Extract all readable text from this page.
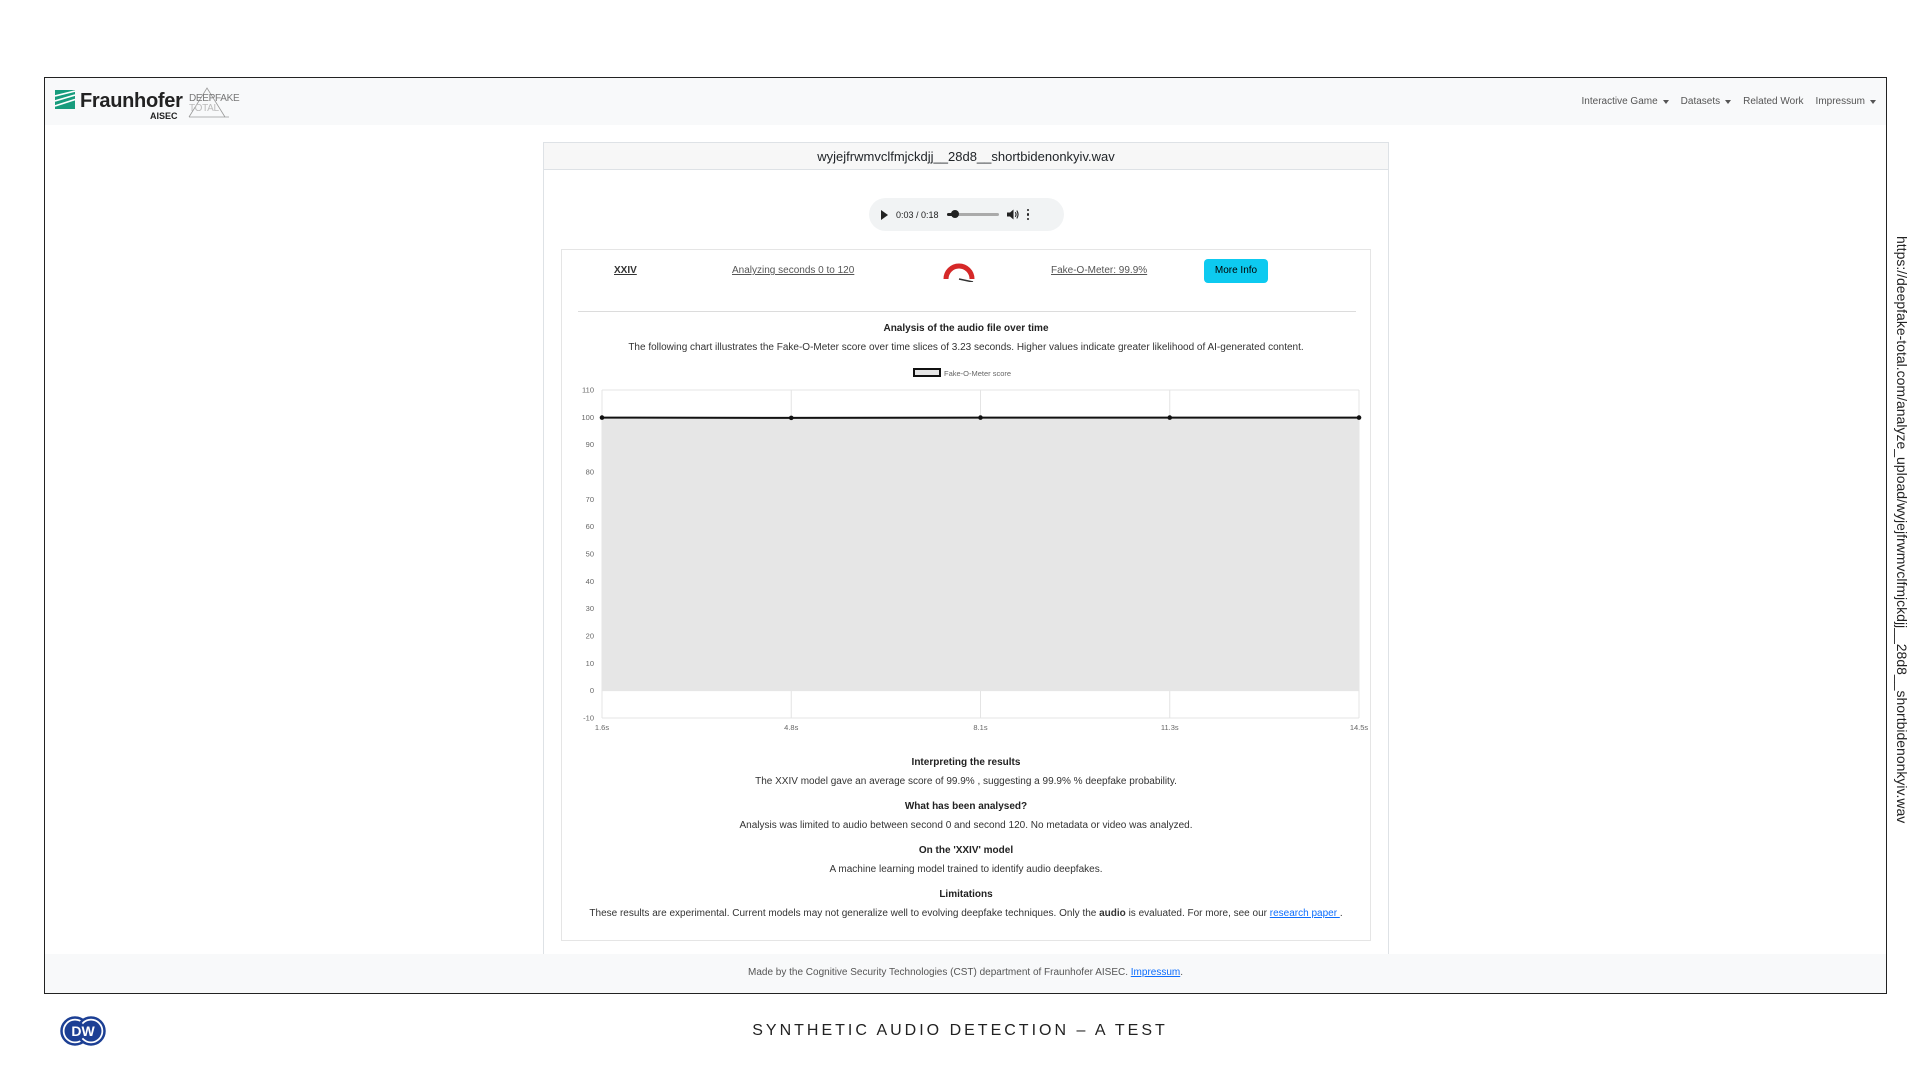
Fraunhofer
AISEC
DEEPFAKE
TOTAL
Interactive Game Datasets Related Work Impressum
wyjejfrwmvclfmjckdjj__28d8__shortbidenonkyiv.wav
0:03 / 0:18
XXIV	Analyzing seconds 0 to 120	Fake-O-Meter: 99.9%	More Info
Analysis of the audio file over time
The following chart illustrates the Fake-O-Meter score over time slices of 3.23 seconds. Higher values indicate greater likelihood of AI-generated content.
Fake-O-Meter score
110
100
90
80
70
60
50
40
30
20
10
0
-10
1.6s	4.8s	8.1s	11.3s	14.5s
Interpreting the results
The XXIV model gave an average score of 99.9% , suggesting a 99.9% % deepfake probability.
What has been analysed?
Analysis was limited to audio between second 0 and second 120. No metadata or video was analyzed.
On the 'XXIV' model
A machine learning model trained to identify audio deepfakes.
Limitations
These results are experimental. Current models may not generalize well to evolving deepfake techniques. Only the audio is evaluated. For more, see our research paper .
Made by the Cognitive Security Technologies (CST) department of Fraunhofer AISEC. Impressum.
https://deepfake-total.com/analyze_upload/wyjejfrwmvclfmjckdjj__28d8__shortbidenonkyiv.wav
DW	SYNTHETIC AUDIO DETECTION – A TEST
